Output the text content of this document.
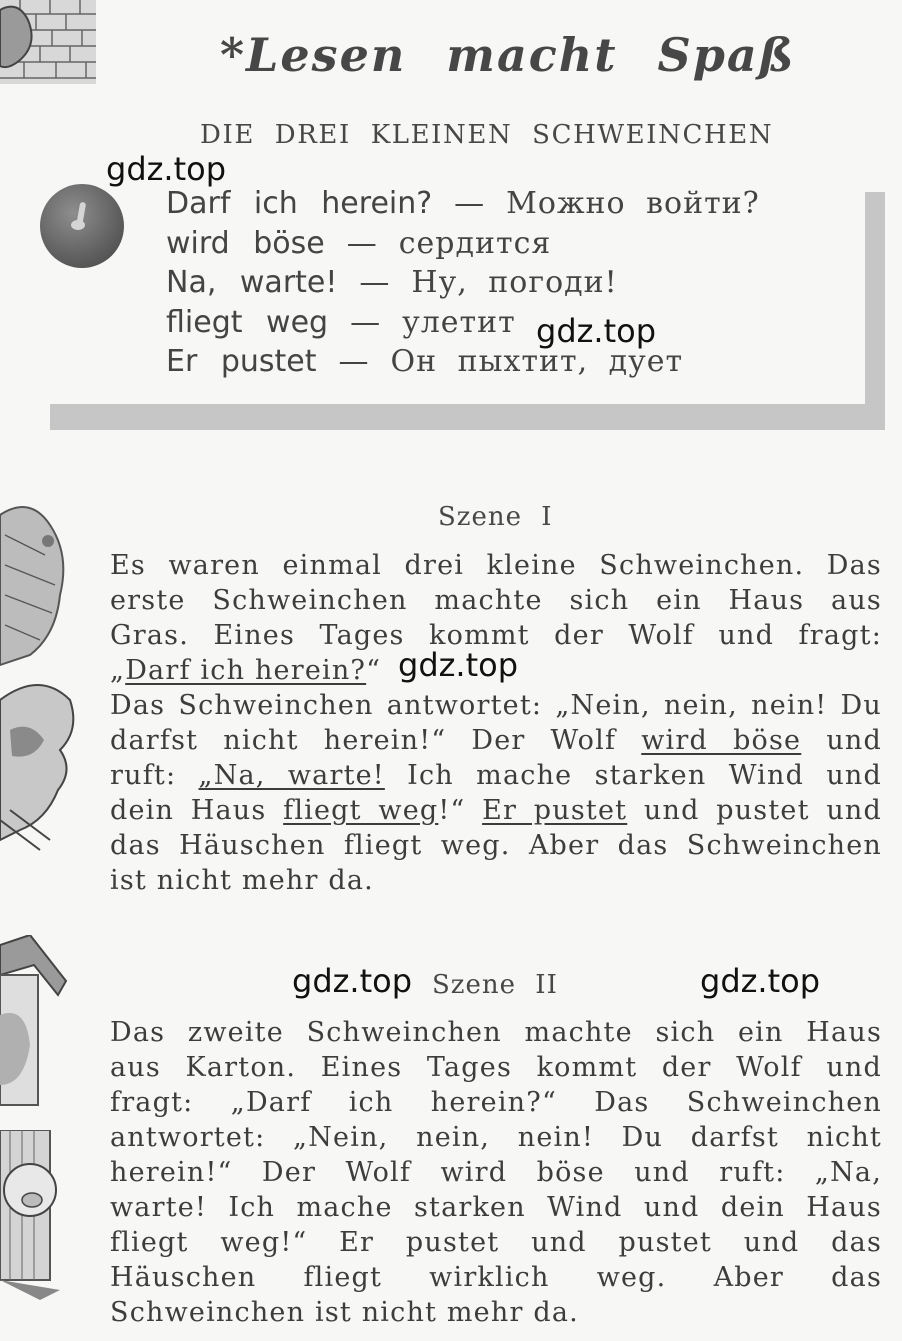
*Lesen macht Spaß
DIE DREI KLEINEN SCHWEINCHEN
Darf ich herein? — Можно войти?
wird böse — сердится
Na, warte! — Ну, погоди!
fliegt weg — улетит
Er pustet — Он пыхтит, дует
Szene I
Es waren einmal drei kleine Schweinchen. Das
erste Schweinchen machte sich ein Haus aus
Gras. Eines Tages kommt der Wolf und fragt:
„Darf ich herein?“
Das Schweinchen antwortet: „Nein, nein, nein! Du
darfst nicht herein!“ Der Wolf wird böse und
ruft: „Na, warte! Ich mache starken Wind und
dein Haus fliegt weg!“ Er pustet und pustet und
das Häuschen fliegt weg. Aber das Schweinchen
ist nicht mehr da.
Szene II
Das zweite Schweinchen machte sich ein Haus
aus Karton. Eines Tages kommt der Wolf und
fragt: „Darf ich herein?“ Das Schweinchen
antwortet: „Nein, nein, nein! Du darfst nicht
herein!“ Der Wolf wird böse und ruft: „Na,
warte! Ich mache starken Wind und dein Haus
fliegt weg!“ Er pustet und pustet und das
Häuschen fliegt wirklich weg. Aber das
Schweinchen ist nicht mehr da.
gdz.top
gdz.top
gdz.top
gdz.top	gdz.top
